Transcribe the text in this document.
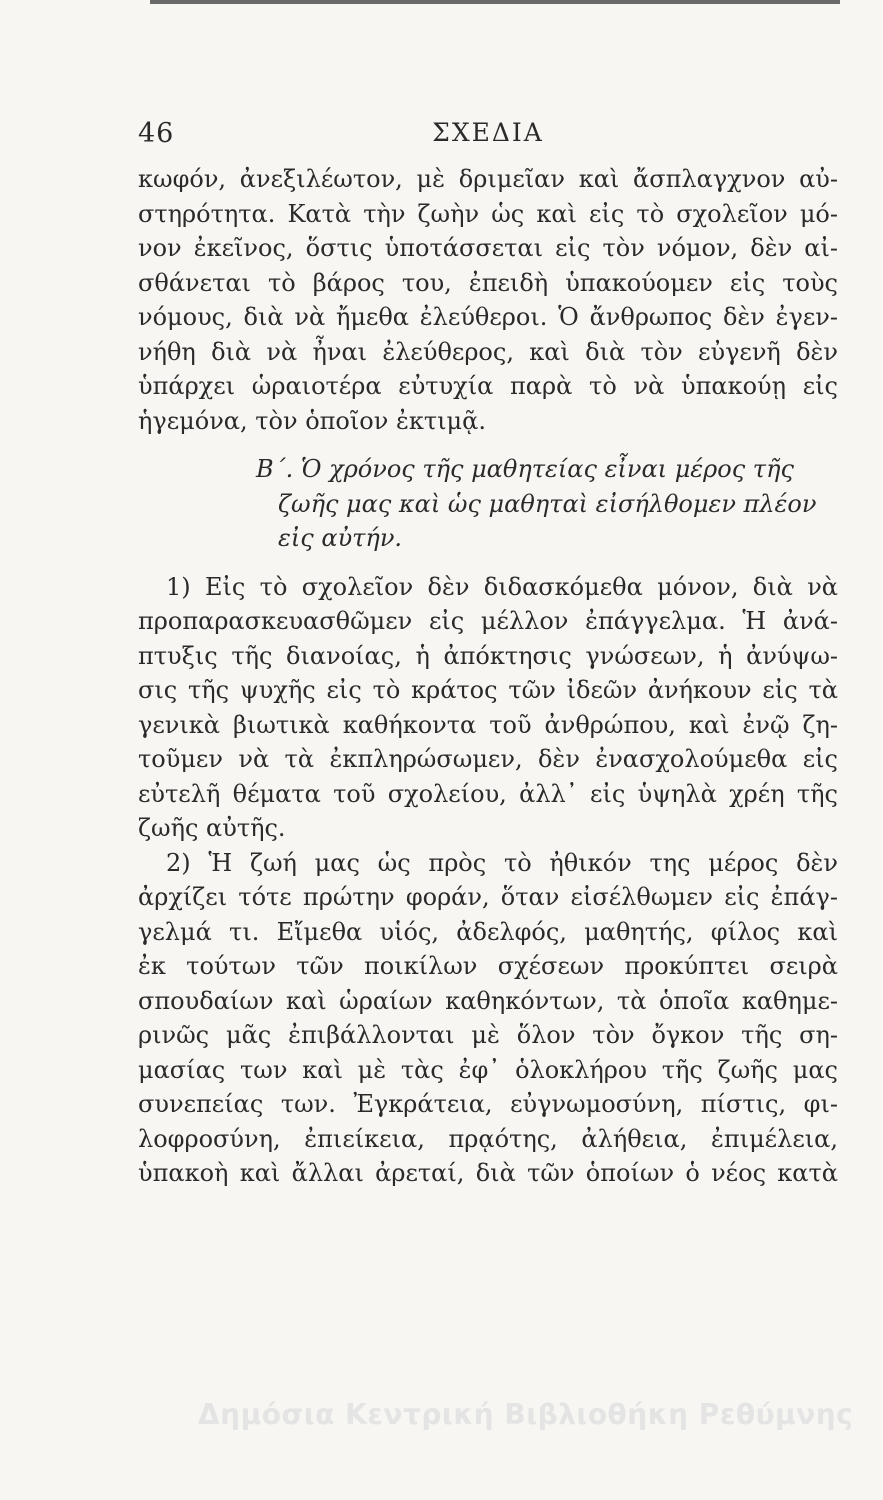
46	ΣΧΕΔΙΑ
κωφόν, ἀνεξιλέωτον, μὲ δριμεῖαν καὶ ἄσπλαγχνον αὐ-
στηρότητα. Κατὰ τὴν ζωὴν ὡς καὶ εἰς τὸ σχολεῖον μό-
νον ἐκεῖνος, ὅστις ὑποτάσσεται εἰς τὸν νόμον, δὲν αἰ-
σθάνεται τὸ βάρος του, ἐπειδὴ ὑπακούομεν εἰς τοὺς
νόμους, διὰ νὰ ἤμεθα ἐλεύθεροι. Ὁ ἄνθρωπος δὲν ἐγεν-
νήθη διὰ νὰ ἦναι ἐλεύθερος, καὶ διὰ τὸν εὐγενῆ δὲν
ὑπάρχει ὡραιοτέρα εὐτυχία παρὰ τὸ νὰ ὑπακούῃ εἰς
ἡγεμόνα, τὸν ὁποῖον ἐκτιμᾷ.
Β΄. Ὁ χρόνος τῆς μαθητείας εἶναι μέρος τῆς
ζωῆς μας καὶ ὡς μαθηταὶ εἰσήλθομεν πλέον
εἰς αὐτήν.
1) Εἰς τὸ σχολεῖον δὲν διδασκόμεθα μόνον, διὰ νὰ
προπαρασκευασθῶμεν εἰς μέλλον ἐπάγγελμα. Ἡ ἀνά-
πτυξις τῆς διανοίας, ἡ ἀπόκτησις γνώσεων, ἡ ἀνύψω-
σις τῆς ψυχῆς εἰς τὸ κράτος τῶν ἰδεῶν ἀνήκουν εἰς τὰ
γενικὰ βιωτικὰ καθήκοντα τοῦ ἀνθρώπου, καὶ ἐνῷ ζη-
τοῦμεν νὰ τὰ ἐκπληρώσωμεν, δὲν ἐνασχολούμεθα εἰς
εὐτελῆ θέματα τοῦ σχολείου, ἀλλ᾽ εἰς ὑψηλὰ χρέη τῆς
ζωῆς αὐτῆς.
2) Ἡ ζωή μας ὡς πρὸς τὸ ἠθικόν της μέρος δὲν
ἀρχίζει τότε πρώτην φοράν, ὅταν εἰσέλθωμεν εἰς ἐπάγ-
γελμά τι. Εἴμεθα υἱός, ἀδελφός, μαθητής, φίλος καὶ
ἐκ τούτων τῶν ποικίλων σχέσεων προκύπτει σειρὰ
σπουδαίων καὶ ὡραίων καθηκόντων, τὰ ὁποῖα καθημε-
ρινῶς μᾶς ἐπιβάλλονται μὲ ὅλον τὸν ὄγκον τῆς ση-
μασίας των καὶ μὲ τὰς ἐφ᾽ ὁλοκλήρου τῆς ζωῆς μας
συνεπείας των. Ἐγκράτεια, εὐγνωμοσύνη, πίστις, φι-
λοφροσύνη, ἐπιείκεια, πρᾳότης, ἀλήθεια, ἐπιμέλεια,
ὑπακοὴ καὶ ἄλλαι ἀρεταί, διὰ τῶν ὁποίων ὁ νέος κατὰ
Δημόσια Κεντρική Βιβλιοθήκη Ρεθύμνης
